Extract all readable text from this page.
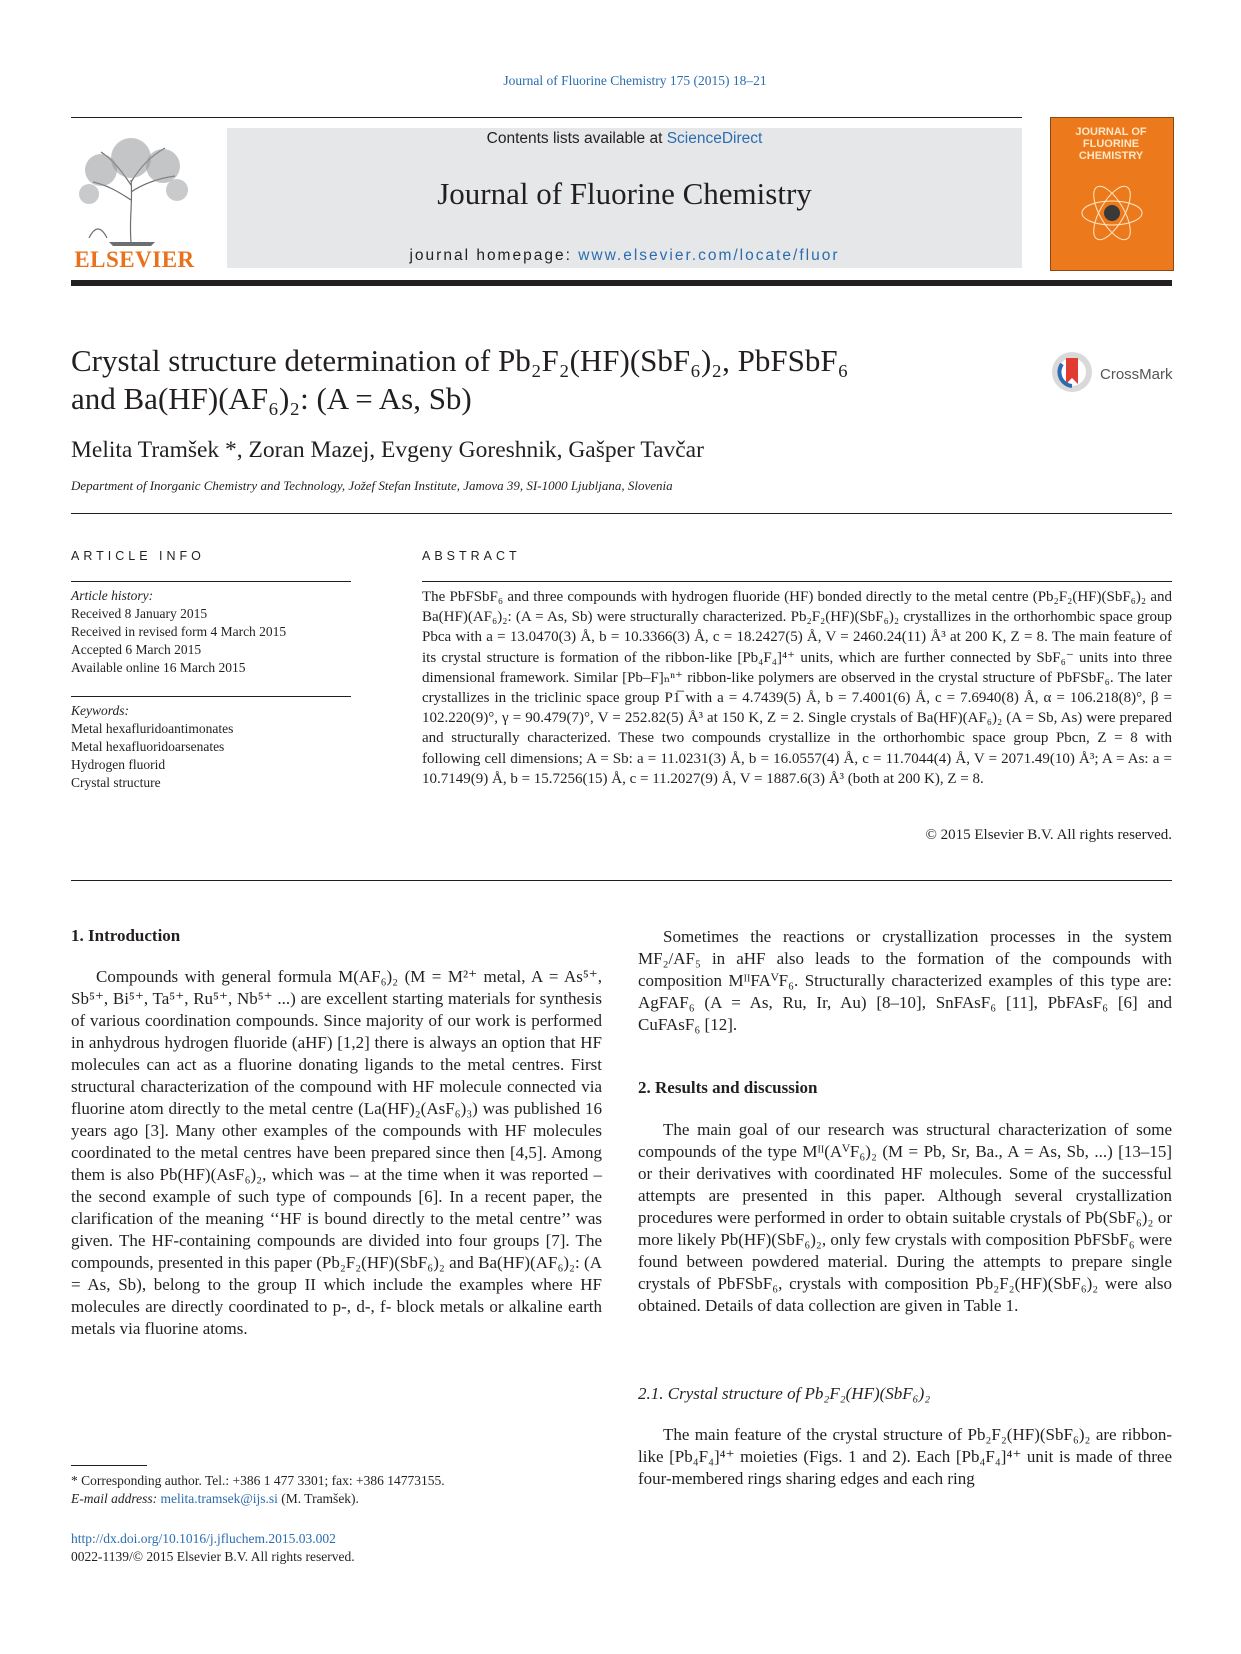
Journal of Fluorine Chemistry 175 (2015) 18–21
ELSEVIER
Contents lists available at ScienceDirect
Journal of Fluorine Chemistry
journal homepage: www.elsevier.com/locate/fluor
JOURNAL OF FLUORINE CHEMISTRY
Crystal structure determination of Pb₂F₂(HF)(SbF₆)₂, PbFSbF₆
and Ba(HF)(AF₆)₂: (A = As, Sb)
CrossMark
Melita Tramšek *, Zoran Mazej, Evgeny Goreshnik, Gašper Tavčar
Department of Inorganic Chemistry and Technology, Jožef Stefan Institute, Jamova 39, SI-1000 Ljubljana, Slovenia
ARTICLE INFO	ABSTRACT
Article history:
Received 8 January 2015
Received in revised form 4 March 2015
Accepted 6 March 2015
Available online 16 March 2015
Keywords:
Metal hexafluridoantimonates
Metal hexafluoridoarsenates
Hydrogen fluorid
Crystal structure
The PbFSbF₆ and three compounds with hydrogen fluoride (HF) bonded directly to the metal centre (Pb₂F₂(HF)(SbF₆)₂ and Ba(HF)(AF₆)₂: (A = As, Sb) were structurally characterized. Pb₂F₂(HF)(SbF₆)₂ crystallizes in the orthorhombic space group Pbca with a = 13.0470(3) Å, b = 10.3366(3) Å, c = 18.2427(5) Å, V = 2460.24(11) Å³ at 200 K, Z = 8. The main feature of its crystal structure is formation of the ribbon-like [Pb₄F₄]⁴⁺ units, which are further connected by SbF₆⁻ units into three dimensional framework. Similar [Pb–F]ₙⁿ⁺ ribbon-like polymers are observed in the crystal structure of PbFSbF₆. The later crystallizes in the triclinic space group P1̅ with a = 4.7439(5) Å, b = 7.4001(6) Å, c = 7.6940(8) Å, α = 106.218(8)°, β = 102.220(9)°, γ = 90.479(7)°, V = 252.82(5) Å³ at 150 K, Z = 2. Single crystals of Ba(HF)(AF₆)₂ (A = Sb, As) were prepared and structurally characterized. These two compounds crystallize in the orthorhombic space group Pbcn, Z = 8 with following cell dimensions; A = Sb: a = 11.0231(3) Å, b = 16.0557(4) Å, c = 11.7044(4) Å, V = 2071.49(10) Å³; A = As: a = 10.7149(9) Å, b = 15.7256(15) Å, c = 11.2027(9) Å, V = 1887.6(3) Å³ (both at 200 K), Z = 8.
© 2015 Elsevier B.V. All rights reserved.
1. Introduction

Compounds with general formula M(AF₆)₂ (M = M²⁺ metal, A = As⁵⁺, Sb⁵⁺, Bi⁵⁺, Ta⁵⁺, Ru⁵⁺, Nb⁵⁺ ...) are excellent starting materials for synthesis of various coordination compounds. Since majority of our work is performed in anhydrous hydrogen fluoride (aHF) [1,2] there is always an option that HF molecules can act as a fluorine donating ligands to the metal centres. First structural characterization of the compound with HF molecule connected via fluorine atom directly to the metal centre (La(HF)₂(AsF₆)₃) was published 16 years ago [3]. Many other examples of the compounds with HF molecules coordinated to the metal centres have been prepared since then [4,5]. Among them is also Pb(HF)(AsF₆)₂, which was – at the time when it was reported – the second example of such type of compounds [6]. In a recent paper, the clarification of the meaning ‘‘HF is bound directly to the metal centre’’ was given. The HF-containing compounds are divided into four groups [7]. The compounds, presented in this paper (Pb₂F₂(HF)(SbF₆)₂ and Ba(HF)(AF₆)₂: (A = As, Sb), belong to the group II which include the examples where HF molecules are directly coordinated to p-, d-, f- block metals or alkaline earth metals via fluorine atoms.

Sometimes the reactions or crystallization processes in the system MF₂/AF₅ in aHF also leads to the formation of the compounds with composition MᴵᴵFAⱽF₆. Structurally characterized examples of this type are: AgFAF₆ (A = As, Ru, Ir, Au) [8–10], SnFAsF₆ [11], PbFAsF₆ [6] and CuFAsF₆ [12].

2. Results and discussion

The main goal of our research was structural characterization of some compounds of the type Mᴵᴵ(AⱽF₆)₂ (M = Pb, Sr, Ba., A = As, Sb, ...) [13–15] or their derivatives with coordinated HF molecules. Some of the successful attempts are presented in this paper. Although several crystallization procedures were performed in order to obtain suitable crystals of Pb(SbF₆)₂ or more likely Pb(HF)(SbF₆)₂, only few crystals with composition PbFSbF₆ were found between powdered material. During the attempts to prepare single crystals of PbFSbF₆, crystals with composition Pb₂F₂(HF)(SbF₆)₂ were also obtained. Details of data collection are given in Table 1.

2.1. Crystal structure of Pb₂F₂(HF)(SbF₆)₂

The main feature of the crystal structure of Pb₂F₂(HF)(SbF₆)₂ are ribbon-like [Pb₄F₄]⁴⁺ moieties (Figs. 1 and 2). Each [Pb₄F₄]⁴⁺ unit is made of three four-membered rings sharing edges and each ring

* Corresponding author. Tel.: +386 1 477 3301; fax: +386 14773155.
E-mail address: melita.tramsek@ijs.si (M. Tramšek).
http://dx.doi.org/10.1016/j.jfluchem.2015.03.002
0022-1139/© 2015 Elsevier B.V. All rights reserved.
